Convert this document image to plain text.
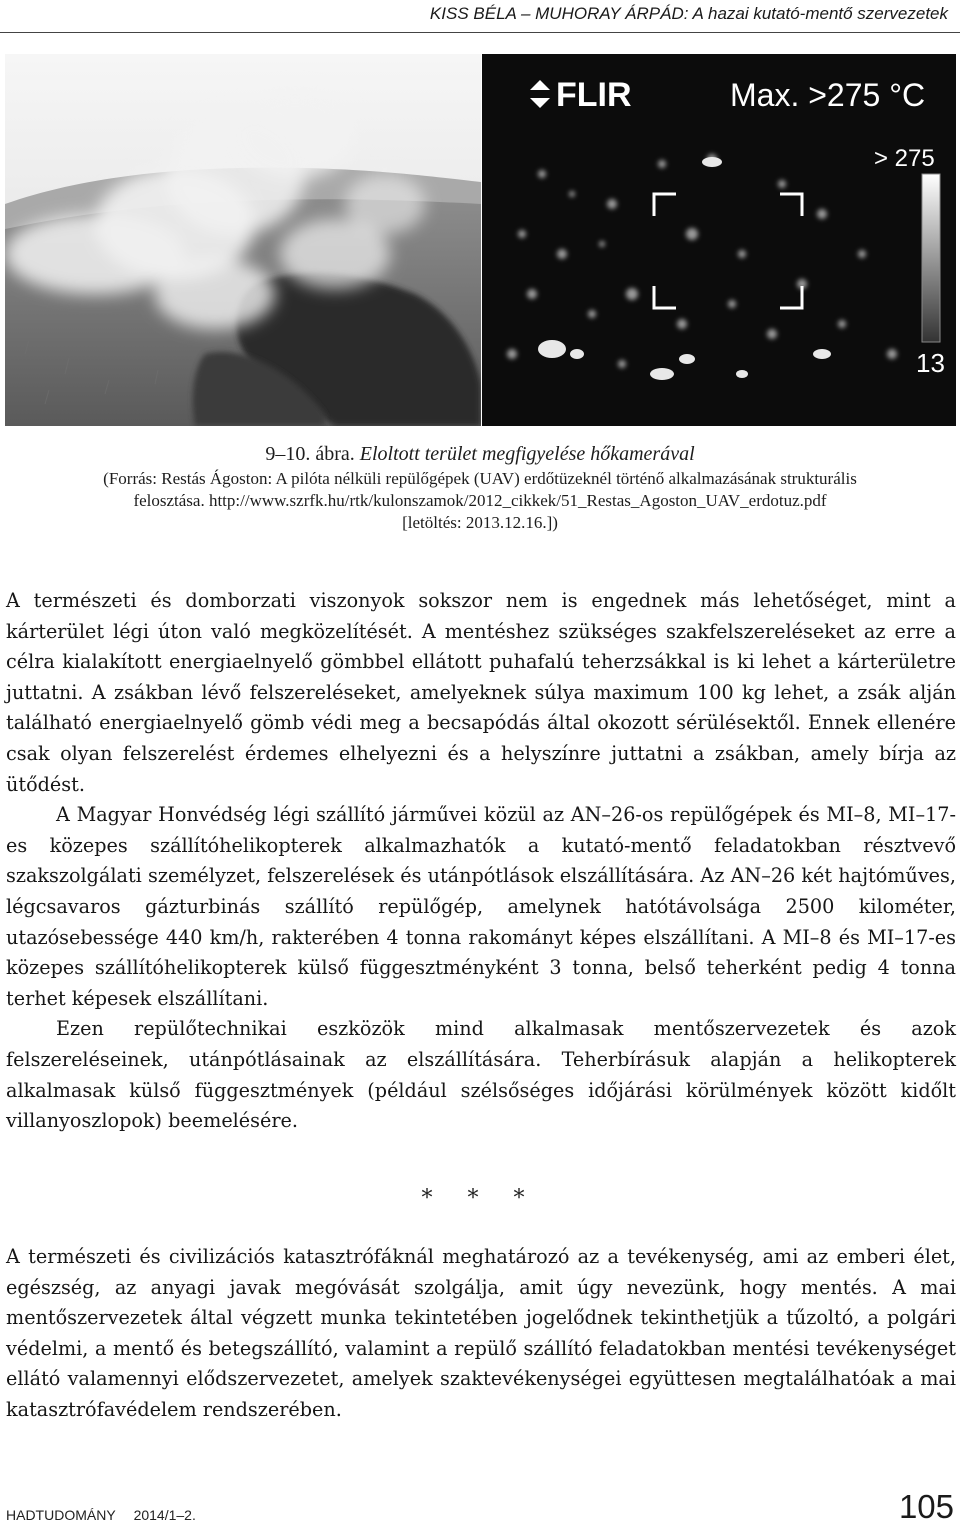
KISS BÉLA – MUHORAY ÁRPÁD: A hazai kutató-mentő szervezetek
FLIR	Max. >275 °C
> 275
13
9–10. ábra. Eloltott terület megfigyelése hőkamerával
(Forrás: Restás Ágoston: A pilóta nélküli repülőgépek (UAV) erdőtüzeknél történő alkalmazásának strukturális
felosztása. http://www.szrfk.hu/rtk/kulonszamok/2012_cikkek/51_Restas_Agoston_UAV_erdotuz.pdf
[letöltés: 2013.12.16.])

A természeti és domborzati viszonyok sokszor nem is engednek más lehetőséget, mint a kárterület légi úton való megközelítését. A mentéshez szükséges szakfelszereléseket az erre a célra kialakított energiaelnyelő gömbbel ellátott puhafalú teherzsákkal is ki lehet a kárterületre juttatni. A zsákban lévő felszereléseket, amelyeknek súlya maximum 100 kg lehet, a zsák alján található energiaelnyelő gömb védi meg a becsapódás által okozott sérülésektől. Ennek ellenére csak olyan felszerelést érdemes elhelyezni és a helyszínre juttatni a zsákban, amely bírja az ütődést.

A Magyar Honvédség légi szállító járművei közül az AN–26-os repülőgépek és MI–8, MI–17-es közepes szállítóhelikopterek alkalmazhatók a kutató-mentő feladatokban résztvevő szakszolgálati személyzet, felszerelések és utánpótlások elszállítására. Az AN–26 két hajtóműves, légcsavaros gázturbinás szállító repülőgép, amelynek hatótávolsága 2500 kilométer, utazósebessége 440 km/h, rakterében 4 tonna rakományt képes elszállítani. A MI–8 és MI–17-es közepes szállítóhelikopterek külső függesztményként 3 tonna, belső teherként pedig 4 tonna terhet képesek elszállítani.

Ezen repülőtechnikai eszközök mind alkalmasak mentőszervezetek és azok felszereléseinek, utánpótlásainak az elszállítására. Teherbírásuk alapján a helikopterek alkalmasak külső függesztmények (például szélsőséges időjárási körülmények között kidőlt villanyoszlopok) beemelésére.

* * *

A természeti és civilizációs katasztrófáknál meghatározó az a tevékenység, ami az emberi élet, egészség, az anyagi javak megóvását szolgálja, amit úgy nevezünk, hogy mentés. A mai mentőszervezetek által végzett munka tekintetében jogelődnek tekinthetjük a tűzoltó, a polgári védelmi, a mentő és betegszállító, valamint a repülő szállító feladatokban mentési tevékenységet ellátó valamennyi elődszervezetet, amelyek szaktevékenységei együttesen megtalálhatóak a mai katasztrófavédelem rendszerében.

HADTUDOMÁNY 2014/1–2.	105
